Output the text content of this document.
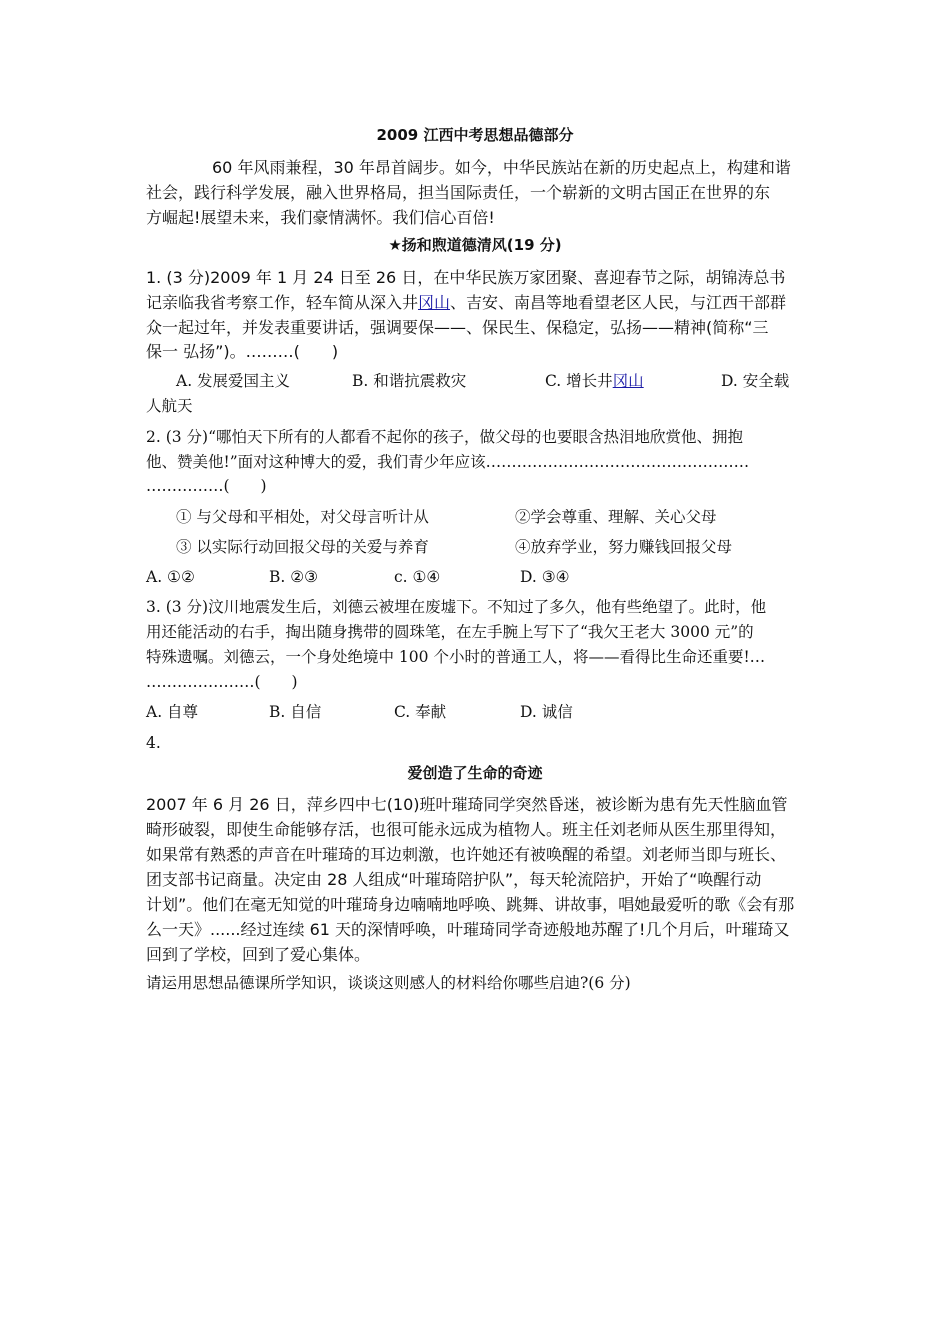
2009 江西中考思想品德部分
60 年风雨兼程，30 年昂首阔步。如今，中华民族站在新的历史起点上，构建和谐
社会，践行科学发展，融入世界格局，担当国际责任，一个崭新的文明古国正在世界的东
方崛起!展望未来，我们豪情满怀。我们信心百倍!
★扬和煦道德清风(19 分)
1. (3 分)2009 年 1 月 24 日至 26 日，在中华民族万家团聚、喜迎春节之际，胡锦涛总书
记亲临我省考察工作，轻车简从深入井冈山、吉安、南昌等地看望老区人民，与江西干部群
众一起过年，并发表重要讲话，强调要保——、保民生、保稳定，弘扬——精神(简称“三
保一 弘扬”)。………(　　)
A. 发展爱国主义	B. 和谐抗震救灾	C. 增长井冈山	D. 安全载
人航天
2. (3 分)“哪怕天下所有的人都看不起你的孩子，做父母的也要眼含热泪地欣赏他、拥抱
他、赞美他!”面对这种博大的爱，我们青少年应该……………………………………………
……………(　　)
① 与父母和平相处，对父母言听计从	②学会尊重、理解、关心父母
③ 以实际行动回报父母的关爱与养育	④放弃学业，努力赚钱回报父母
A. ①②	B. ②③	c. ①④	D. ③④
3. (3 分)汶川地震发生后，刘德云被埋在废墟下。不知过了多久，他有些绝望了。此时，他
用还能活动的右手，掏出随身携带的圆珠笔，在左手腕上写下了“我欠王老大 3000 元”的
特殊遗嘱。刘德云，一个身处绝境中 100 个小时的普通工人，将——看得比生命还重要!…
…………………(　　)
A. 自尊	B. 自信	C. 奉献	D. 诚信
4.
爱创造了生命的奇迹
2007 年 6 月 26 日，萍乡四中七(10)班叶璀琦同学突然昏迷，被诊断为患有先天性脑血管
畸形破裂，即使生命能够存活，也很可能永远成为植物人。班主任刘老师从医生那里得知，
如果常有熟悉的声音在叶璀琦的耳边刺激，也许她还有被唤醒的希望。刘老师当即与班长、
团支部书记商量。决定由 28 人组成“叶璀琦陪护队”，每天轮流陪护，开始了“唤醒行动
计划”。他们在毫无知觉的叶璀琦身边喃喃地呼唤、跳舞、讲故事，唱她最爱听的歌《会有那
么一天》......经过连续 61 天的深情呼唤，叶璀琦同学奇迹般地苏醒了!几个月后，叶璀琦又
回到了学校，回到了爱心集体。
请运用思想品德课所学知识，谈谈这则感人的材料给你哪些启迪?(6 分)
